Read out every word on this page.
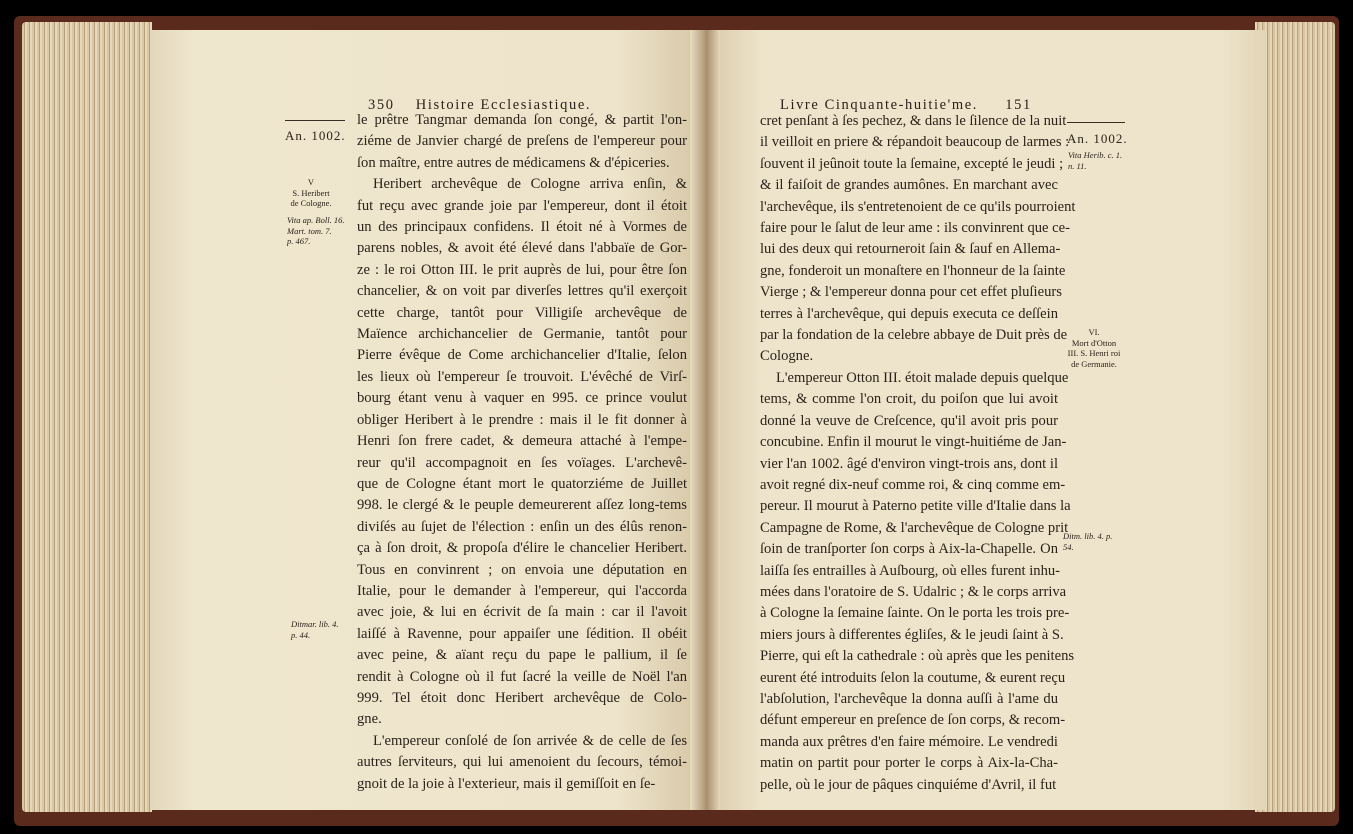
350 Histoire Ecclesiastique.
An. 1002.
V
S. Heribert
de Cologne.
Vita ap. Boll. 16.
Mart. tom. 7.
p. 467.
Ditmar. lib. 4.
p. 44.
le prêtre Tangmar demanda ſon congé, & partit l'on-
ziéme de Janvier chargé de preſens de l'empereur pour
ſon maître, entre autres de médicamens & d'épiceries.
Heribert archevêque de Cologne arriva enſin, &
fut reçu avec grande joie par l'empereur, dont il étoit
un des principaux confidens. Il étoit né à Vormes de
parens nobles, & avoit été élevé dans l'abbaïe de Gor-
ze : le roi Otton III. le prit auprès de lui, pour être ſon
chancelier, & on voit par diverſes lettres qu'il exerçoit
cette charge, tantôt pour Villigiſe archevêque de
Maïence archichancelier de Germanie, tantôt pour
Pierre évêque de Come archichancelier d'Italie, ſelon
les lieux où l'empereur ſe trouvoit. L'évêché de Virſ-
bourg étant venu à vaquer en 995. ce prince voulut
obliger Heribert à le prendre : mais il le fit donner à
Henri ſon frere cadet, & demeura attaché à l'empe-
reur qu'il accompagnoit en ſes voïages. L'archevê-
que de Cologne étant mort le quatorziéme de Juillet
998. le clergé & le peuple demeurerent aſſez long-tems
diviſés au ſujet de l'élection : enſin un des élûs renon-
ça à ſon droit, & propoſa d'élire le chancelier Heribert.
Tous en convinrent ; on envoia une députation en
Italie, pour le demander à l'empereur, qui l'accorda
avec joie, & lui en écrivit de ſa main : car il l'avoit
laiſſé à Ravenne, pour appaiſer une ſédition. Il obéit
avec peine, & aïant reçu du pape le pallium, il ſe
rendit à Cologne où il fut ſacré la veille de Noël l'an
999. Tel étoit donc Heribert archevêque de Colo-
gne.
L'empereur conſolé de ſon arrivée & de celle de ſes
autres ſerviteurs, qui lui amenoient du ſecours, témoi-
gnoit de la joie à l'exterieur, mais il gemiſſoit en ſe-
Livre Cinquante-huitie'me. 151
An. 1002.
Vita Herib. c. 1.
n. 11.
VI.
Mort d'Otton
III. S. Henri roi
de Germanie.
Ditm. lib. 4. p.
54.
cret penſant à ſes pechez, & dans le ſilence de la nuit
il veilloit en priere & répandoit beaucoup de larmes :
ſouvent il jeûnoit toute la ſemaine, excepté le jeudi ;
& il faiſoit de grandes aumônes. En marchant avec
l'archevêque, ils s'entretenoient de ce qu'ils pourroient
faire pour le ſalut de leur ame : ils convinrent que ce-
lui des deux qui retourneroit ſain & ſauf en Allema-
gne, fonderoit un monaſtere en l'honneur de la ſainte
Vierge ; & l'empereur donna pour cet effet pluſieurs
terres à l'archevêque, qui depuis executa ce deſſein
par la fondation de la celebre abbaye de Duit près de
Cologne.
L'empereur Otton III. étoit malade depuis quelque
tems, & comme l'on croit, du poiſon que lui avoit
donné la veuve de Creſcence, qu'il avoit pris pour
concubine. Enfin il mourut le vingt-huitiéme de Jan-
vier l'an 1002. âgé d'environ vingt-trois ans, dont il
avoit regné dix-neuf comme roi, & cinq comme em-
pereur. Il mourut à Paterno petite ville d'Italie dans la
Campagne de Rome, & l'archevêque de Cologne prit
ſoin de tranſporter ſon corps à Aix-la-Chapelle. On
laiſſa ſes entrailles à Auſbourg, où elles furent inhu-
mées dans l'oratoire de S. Udalric ; & le corps arriva
à Cologne la ſemaine ſainte. On le porta les trois pre-
miers jours à differentes égliſes, & le jeudi ſaint à S.
Pierre, qui eſt la cathedrale : où après que les penitens
eurent été introduits ſelon la coutume, & eurent reçu
l'abſolution, l'archevêque la donna auſſi à l'ame du
défunt empereur en preſence de ſon corps, & recom-
manda aux prêtres d'en faire mémoire. Le vendredi
matin on partit pour porter le corps à Aix-la-Cha-
pelle, où le jour de pâques cinquiéme d'Avril, il fut
